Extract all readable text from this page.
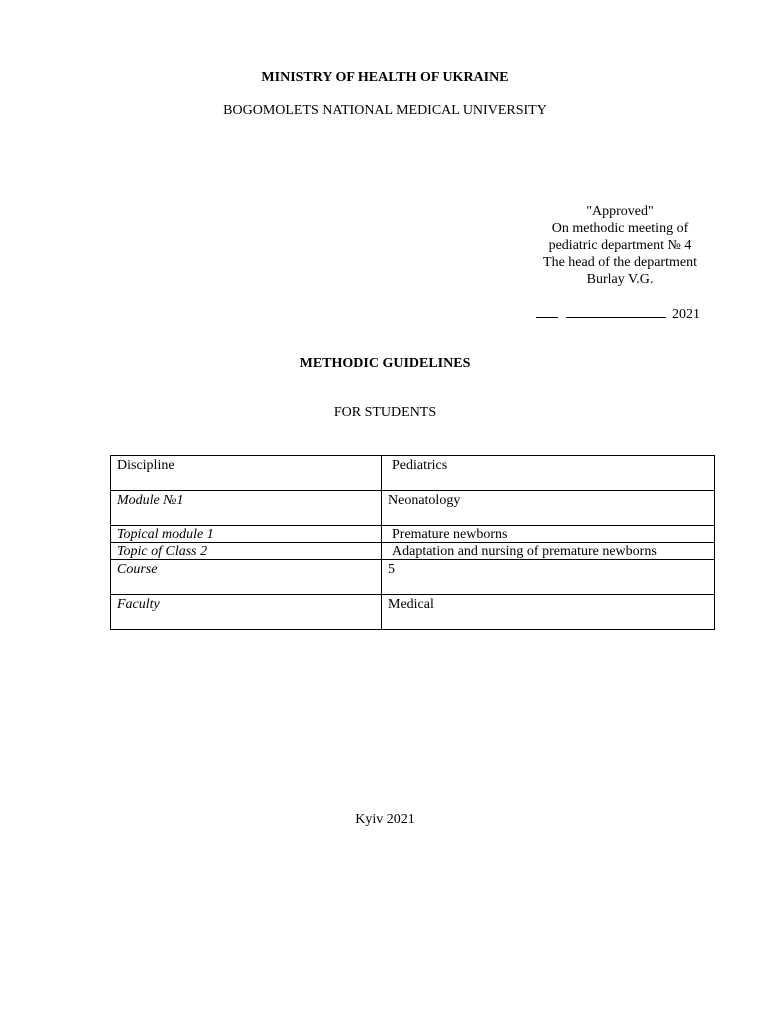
MINISTRY OF HEALTH OF UKRAINE
BOGOMOLETS NATIONAL MEDICAL UNIVERSITY
"Approved"
On methodic meeting of
pediatric department № 4
The head of the department
Burlay V.G.
2021
METHODIC GUIDELINES
FOR STUDENTS
Discipline	Pediatrics
Module №1	Neonatology
Topical module 1	Premature newborns
Topic of Class 2	Adaptation and nursing of premature newborns
Course	5
Faculty	Medical
Kyiv 2021
